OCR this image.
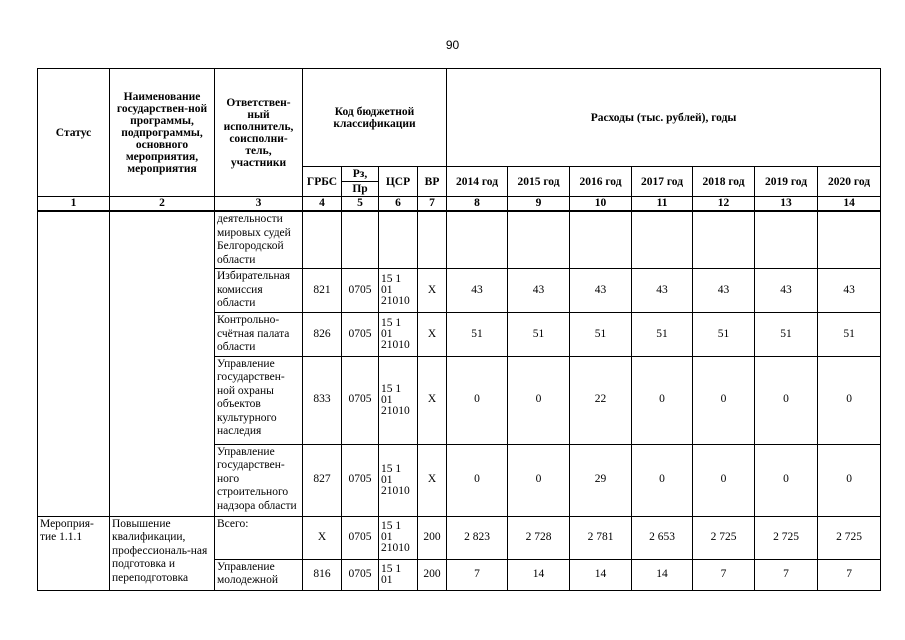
90
Статус	Наименование государствен-ной программы, подпрограммы, основного мероприятия, мероприятия	Ответствен-ный исполнитель, соисполни-тель, участники	Код бюджетной классификации				Расходы (тыс. рублей), годы						
			ГРБС	Рз,	ЦСР	ВР	2014 год	2015 год	2016 год	2017 год	2018 год	2019 год	2020 год
				Пр									
1	2	3	4	5	6	7	8	9	10	11	12	13	14
		деятельности мировых судей Белгородской области											
		Избирательная комиссия области	821	0705	15 1 01 21010	Х	43	43	43	43	43	43	43
		Контрольно-счётная палата области	826	0705	15 1 01 21010	Х	51	51	51	51	51	51	51
		Управление государствен-ной охраны объектов культурного наследия	833	0705	15 1 01 21010	Х	0	0	22	0	0	0	0
		Управление государствен-ного строительного надзора области	827	0705	15 1 01 21010	Х	0	0	29	0	0	0	0
Мероприя-тие 1.1.1	Повышение квалификации, профессиональ-ная подготовка и переподготовка	Всего:	Х	0705	15 1 01 21010	200	2 823	2 728	2 781	2 653	2 725	2 725	2 725
		Управление молодежной	816	0705	15 1 01	200	7	14	14	14	7	7	7
